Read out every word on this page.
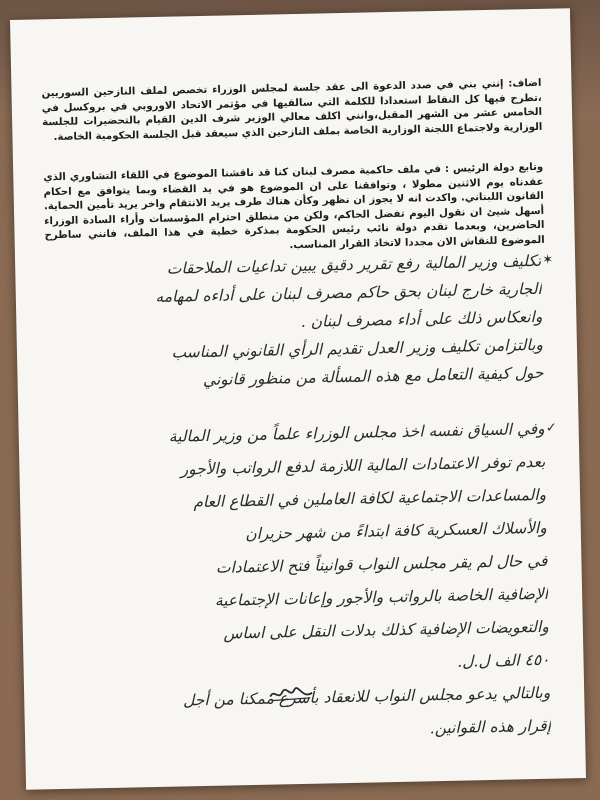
اضاف: إنني بني في صدد الدعوة الى عقد جلسة لمجلس الوزراء تخصص لملف النازحين السوريين ،تطرح فيها كل النقاط استعدادا للكلمة التي سالقيها في مؤتمر الاتحاد الاوروبي في بروكسل في الخامس عشر من الشهر المقبل،وانني اكلف معالي الوزير شرف الدين القيام بالتحضيرات للجلسة الوزارية ولاجتماع اللجنة الوزارية الخاصة بملف النازحين الذي سيعقد قبل الجلسة الحكومية الخاصة.

وتابع دولة الرئيس : في ملف حاكمية مصرف لبنان كنا قد ناقشنا الموضوع في اللقاء التشاوري الذي عقدناه يوم الاثنين مطولا ، وتوافقنا على ان الموضوع هو في يد القضاء وبما يتوافق مع احكام القانون اللبناني. واكدت انه لا يجوز ان نظهر وكأن هناك طرف يريد الانتقام واخر يريد تأمين الحماية. أسهل شيئ ان نقول اليوم تفضل الحاكم، ولكن من منطلق احترام المؤسسات وأراء السادة الوزراء الحاضرين، وبعدما تقدم دولة نائب رئيس الحكومة بمذكرة خطية في هذا الملف، فانني ساطرح الموضوع للنقاش الان مجددا لاتخاذ القرار المناسب.

✶
تكليف وزير المالية رفع تقرير دقيق يبين تداعيات الملاحقات
الجارية خارج لبنان بحق حاكم مصرف لبنان على أداءه لمهامه
وانعكاس ذلك على أداء مصرف لبنان .
وبالتزامن تكليف وزير العدل تقديم الرأي القانوني المناسب
حول كيفية التعامل مع هذه المسألة من منظور قانوني
✓
وفي السياق نفسه اخذ مجلس الوزراء علماً من وزير المالية
بعدم توفر الاعتمادات المالية اللازمة لدفع الرواتب والأجور
والمساعدات الاجتماعية لكافة العاملين في القطاع العام
والأسلاك العسكرية كافة ابتداءً من شهر حزيران
في حال لم يقر مجلس النواب قوانيناً فتح الاعتمادات
الإضافية الخاصة بالرواتب والأجور وإعانات الإجتماعية
والتعويضات الإضافية كذلك بدلات النقل على اساس
٤٥٠ الف ل.ل.
وبالتالي يدعو مجلس النواب للانعقاد بأسرع ممكنا من أجل
إقرار هذه القوانين.
